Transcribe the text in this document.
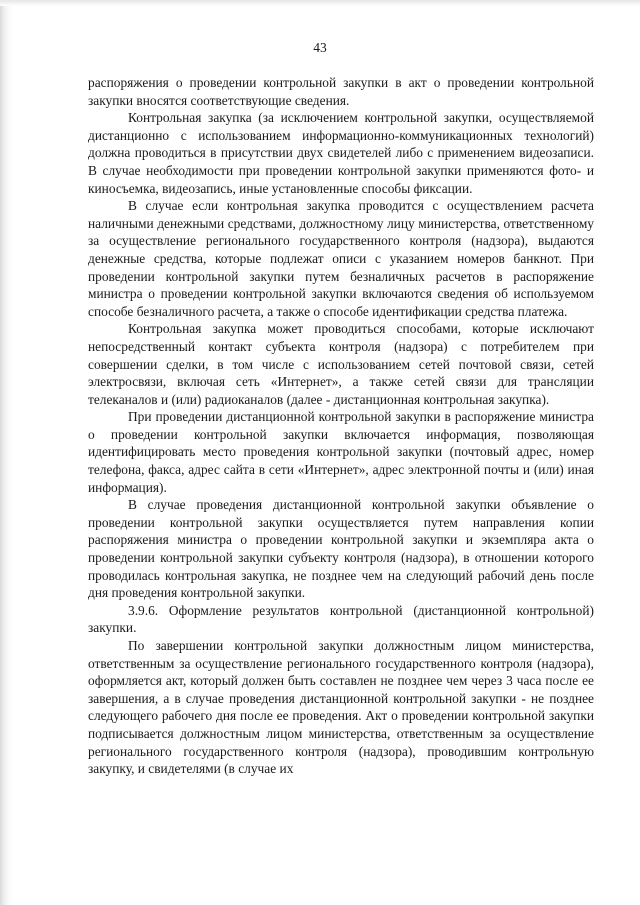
43

распоряжения о проведении контрольной закупки в акт о проведении контрольной закупки вносятся соответствующие сведения.

Контрольная закупка (за исключением контрольной закупки, осуществляемой дистанционно с использованием информационно-коммуникационных технологий) должна проводиться в присутствии двух свидетелей либо с применением видеозаписи. В случае необходимости при проведении контрольной закупки применяются фото- и киносъемка, видеозапись, иные установленные способы фиксации.

В случае если контрольная закупка проводится с осуществлением расчета наличными денежными средствами, должностному лицу министерства, ответственному за осуществление регионального государственного контроля (надзора), выдаются денежные средства, которые подлежат описи с указанием номеров банкнот. При проведении контрольной закупки путем безналичных расчетов в распоряжение министра о проведении контрольной закупки включаются сведения об используемом способе безналичного расчета, а также о способе идентификации средства платежа.

Контрольная закупка может проводиться способами, которые исключают непосредственный контакт субъекта контроля (надзора) с потребителем при совершении сделки, в том числе с использованием сетей почтовой связи, сетей электросвязи, включая сеть «Интернет», а также сетей связи для трансляции телеканалов и (или) радиоканалов (далее - дистанционная контрольная закупка).

При проведении дистанционной контрольной закупки в распоряжение министра о проведении контрольной закупки включается информация, позволяющая идентифицировать место проведения контрольной закупки (почтовый адрес, номер телефона, факса, адрес сайта в сети «Интернет», адрес электронной почты и (или) иная информация).

В случае проведения дистанционной контрольной закупки объявление о проведении контрольной закупки осуществляется путем направления копии распоряжения министра о проведении контрольной закупки и экземпляра акта о проведении контрольной закупки субъекту контроля (надзора), в отношении которого проводилась контрольная закупка, не позднее чем на следующий рабочий день после дня проведения контрольной закупки.

3.9.6. Оформление результатов контрольной (дистанционной контрольной) закупки.

По завершении контрольной закупки должностным лицом министерства, ответственным за осуществление регионального государственного контроля (надзора), оформляется акт, который должен быть составлен не позднее чем через 3 часа после ее завершения, а в случае проведения дистанционной контрольной закупки - не позднее следующего рабочего дня после ее проведения. Акт о проведении контрольной закупки подписывается должностным лицом министерства, ответственным за осуществление регионального государственного контроля (надзора), проводившим контрольную закупку, и свидетелями (в случае их
